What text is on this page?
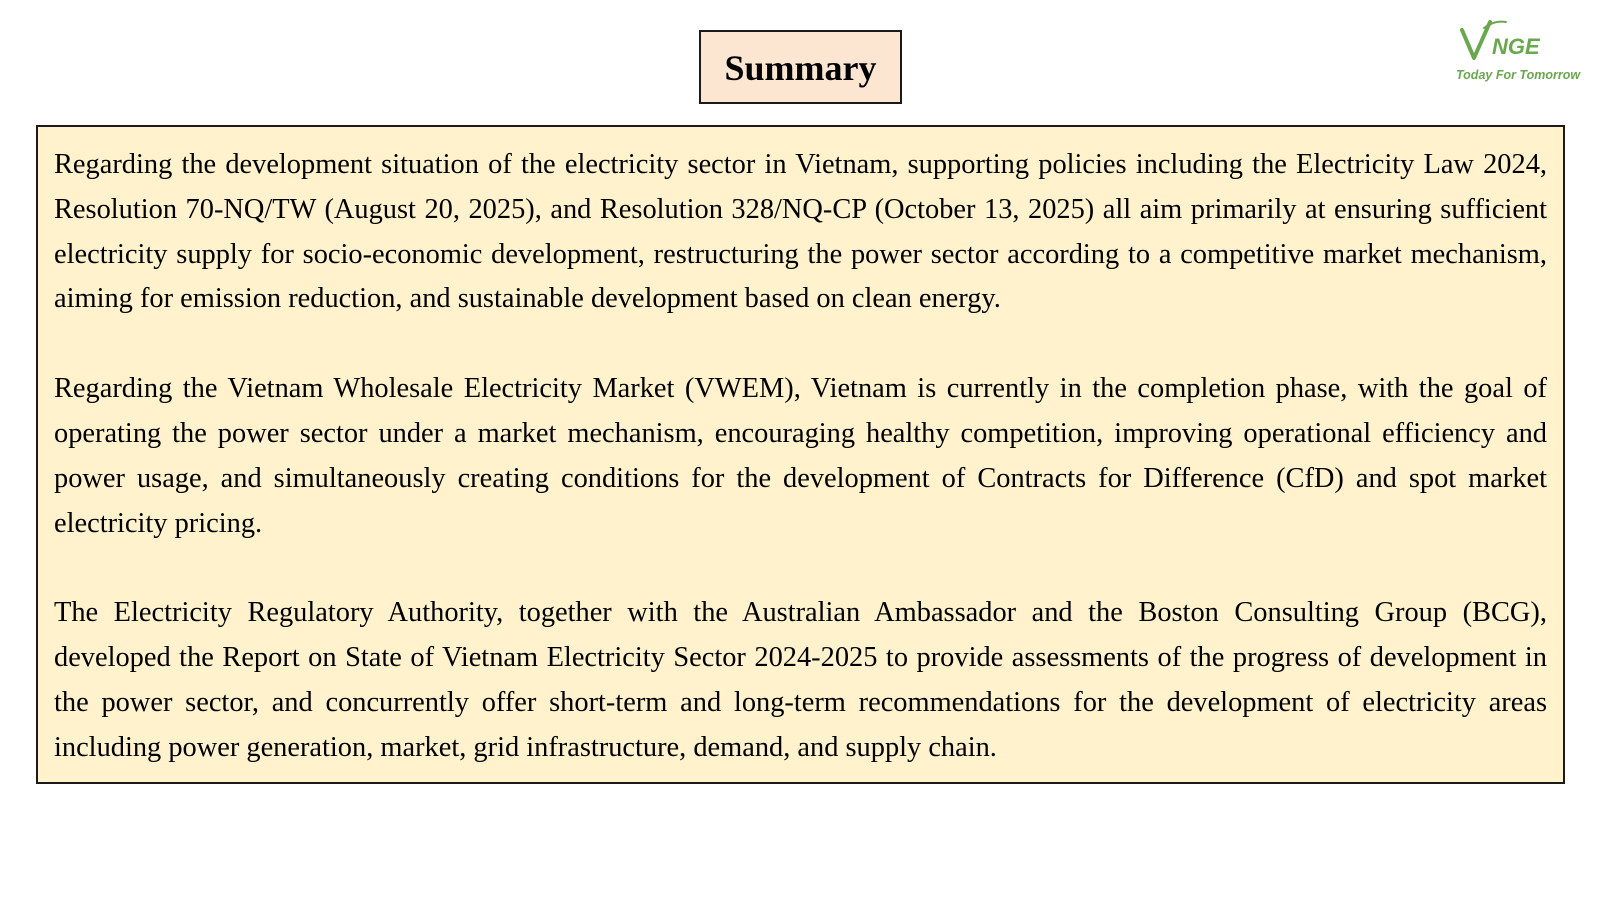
Summary
NGE
Today For Tomorrow

Regarding the development situation of the electricity sector in Vietnam, supporting policies including the Electricity Law 2024, Resolution 70-NQ/TW (August 20, 2025), and Resolution 328/NQ-CP (October 13, 2025) all aim primarily at ensuring sufficient electricity supply for socio-economic development, restructuring the power sector according to a competitive market mechanism, aiming for emission reduction, and sustainable development based on clean energy.

Regarding the Vietnam Wholesale Electricity Market (VWEM), Vietnam is currently in the completion phase, with the goal of operating the power sector under a market mechanism, encouraging healthy competition, improving operational efficiency and power usage, and simultaneously creating conditions for the development of Contracts for Difference (CfD) and spot market electricity pricing.

The Electricity Regulatory Authority, together with the Australian Ambassador and the Boston Consulting Group (BCG), developed the Report on State of Vietnam Electricity Sector 2024-2025 to provide assessments of the progress of development in the power sector, and concurrently offer short-term and long-term recommendations for the development of electricity areas including power generation, market, grid infrastructure, demand, and supply chain.
